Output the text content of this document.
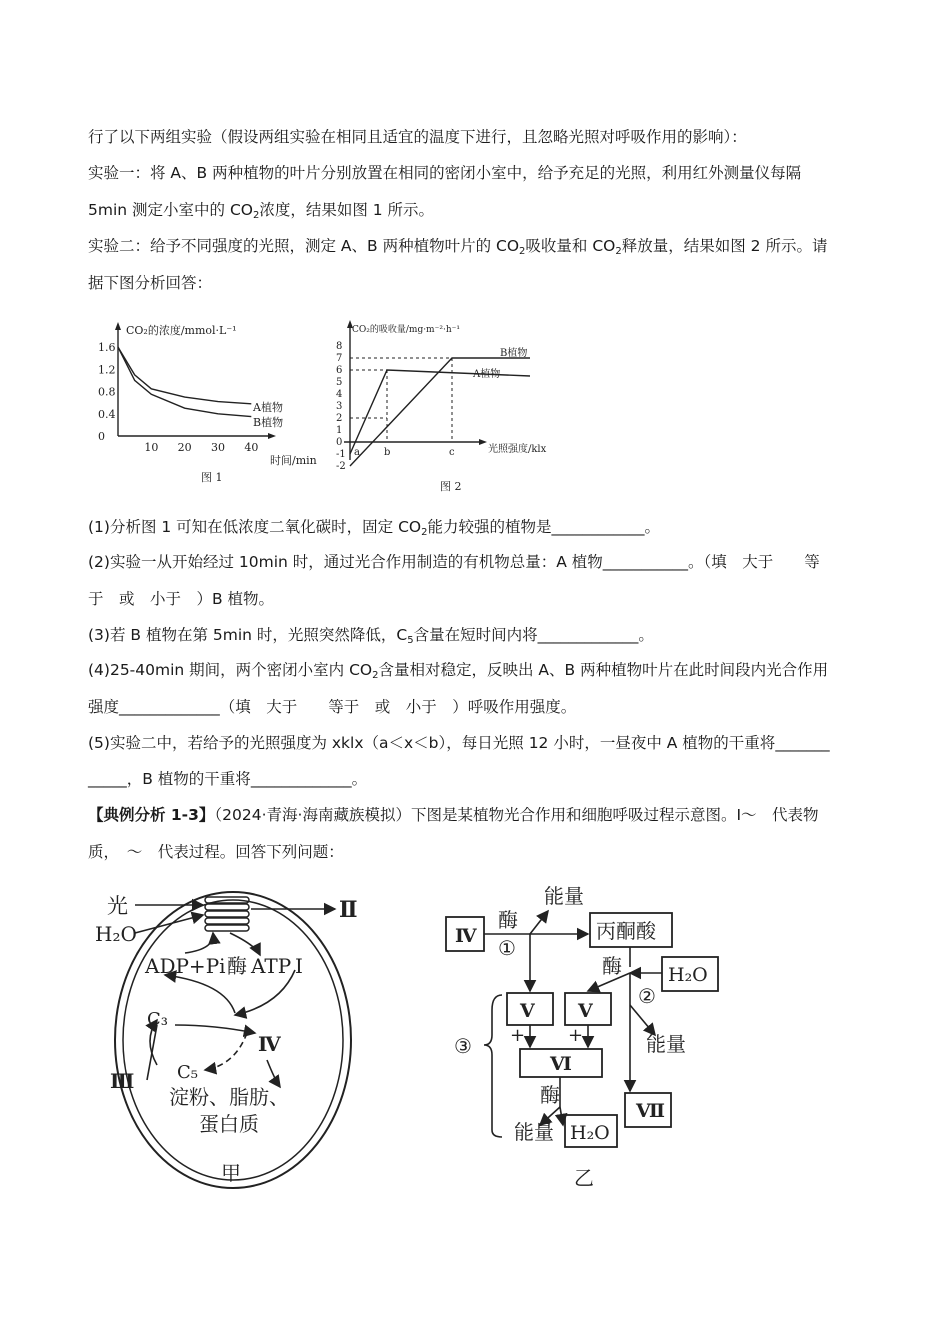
行了以下两组实验（假设两组实验在相同且适宜的温度下进行，且忽略光照对呼吸作用的影响）：
实验一：将 A、B 两种植物的叶片分别放置在相同的密闭小室中，给予充足的光照，利用红外测量仪每隔
5min 测定小室中的 $CO_2$浓度，结果如图 1 所示。
实验二：给予不同强度的光照，测定 A、B 两种植物叶片的 $CO_2$吸收量和 $CO_2$释放量，结果如图 2 所示。请
据下图分析回答：
1.6
1.2
0.8
0.4
0
10 20 30 40
CO₂的浓度/mmol·L⁻¹
时间/min
A植物
B植物
图 1
8
7
6
5
4
3
2
1
0
-1
-2
a b	c
CO₂的吸收量/mg·m⁻²·h⁻¹
光照强度/klx
B植物
A植物
图 2
(1)分析图 1 可知在低浓度二氧化碳时，固定 $CO_2$能力较强的植物是____________。
(2)实验一从开始经过 10min 时，通过光合作用制造的有机物总量：A 植物___________。（填　大于　　等
于　或　小于　）B 植物。
(3)若 B 植物在第 5min 时，光照突然降低，$C_5$含量在短时间内将_____________。
(4)25-40min 期间，两个密闭小室内 $CO_2$含量相对稳定，反映出 A、B 两种植物叶片在此时间段内光合作用
强度_____________（填　大于　　等于　或　小于　）呼吸作用强度。
(5)实验二中，若给予的光照强度为 xklx（a＜x＜b），每日光照 12 小时，一昼夜中 A 植物的干重将_______
_____，B 植物的干重将_____________。
【典例分析 1-3】（2024·青海·海南藏族模拟）下图是某植物光合作用和细胞呼吸过程示意图。I～　代表物
质，　～　代表过程。回答下列问题：
光
H₂O
Ⅱ
ADP+Pi 酶 ATP Ⅰ
C₃
Ⅳ
C₅
Ⅲ
淀粉、脂肪、
蛋白质
甲
Ⅳ
酶
能量
①
丙酮酸
酶 H₂O
②
Ⅴ Ⅴ
+ +	能量
③
Ⅵ
酶
Ⅶ
能量 H₂O
乙
